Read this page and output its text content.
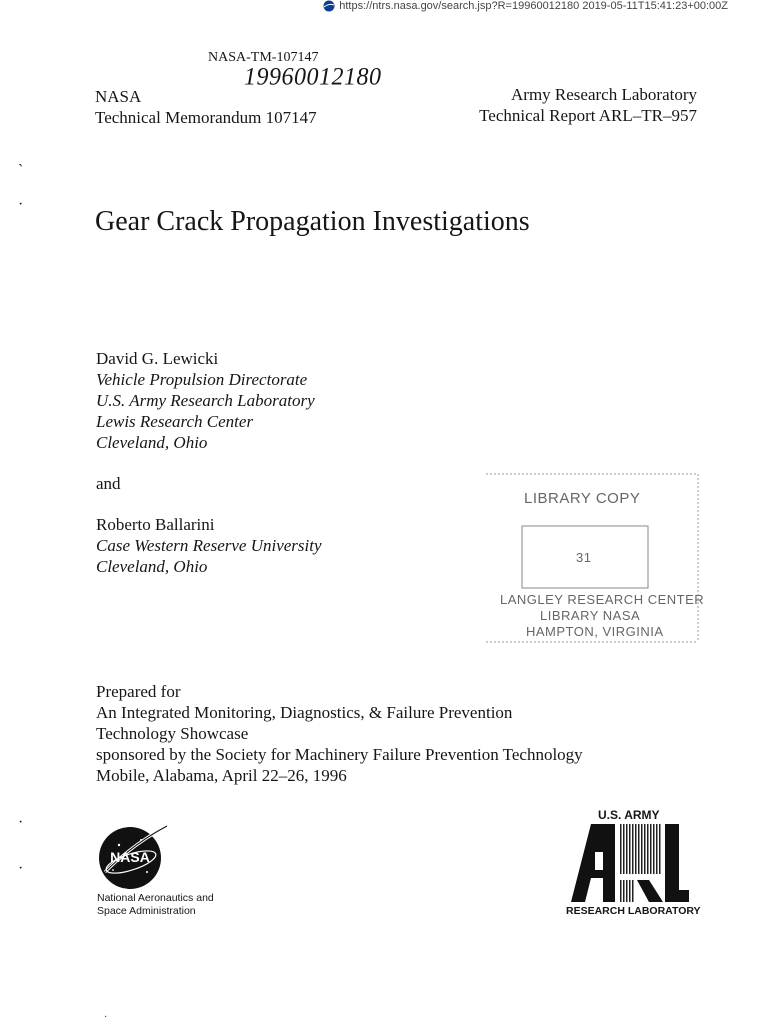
https://ntrs.nasa.gov/search.jsp?R=19960012180 2019-05-11T15:41:23+00:00Z
NASA-TM-107147
19960012180
NASA
Technical Memorandum 107147
Army Research Laboratory
Technical Report ARL–TR–957
ˎ
·
·
·
Gear Crack Propagation Investigations
David G. Lewicki
Vehicle Propulsion Directorate
U.S. Army Research Laboratory
Lewis Research Center
Cleveland, Ohio
and
Roberto Ballarini
Case Western Reserve University
Cleveland, Ohio
LIBRARY COPY
31
LANGLEY RESEARCH CENTER
LIBRARY NASA
HAMPTON, VIRGINIA
Prepared for
An Integrated Monitoring, Diagnostics, & Failure Prevention
Technology Showcase
sponsored by the Society for Machinery Failure Prevention Technology
Mobile, Alabama, April 22–26, 1996
NASA
National Aeronautics and
Space Administration
U.S. ARMY
RESEARCH LABORATORY
·
